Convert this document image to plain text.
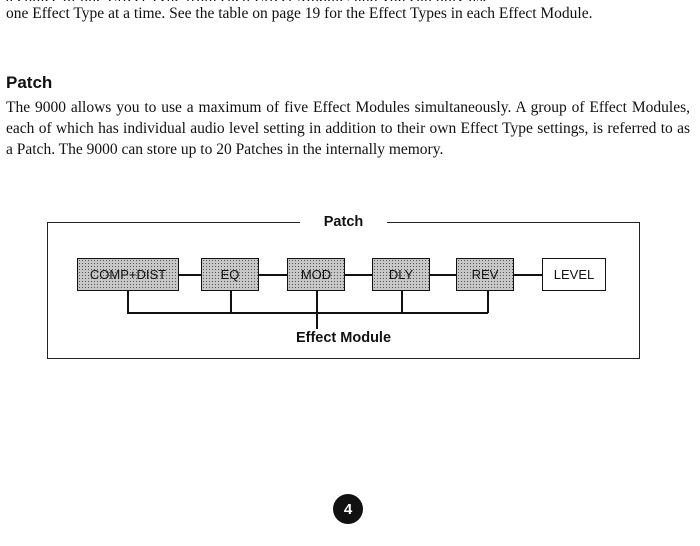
one Effect Type at a time. See the table on page 19 for the Effect Types in each Effect Module.

Patch

The 9000 allows you to use a maximum of five Effect Modules simultaneously. A group of Effect Modules, each of which has individual audio level setting in addition to their own Effect Type settings, is referred to as a Patch. The 9000 can store up to 20 Patches in the internally memory.

Patch
COMP+DIST	EQ	MOD	DLY	REV	LEVEL
Effect Module
4
